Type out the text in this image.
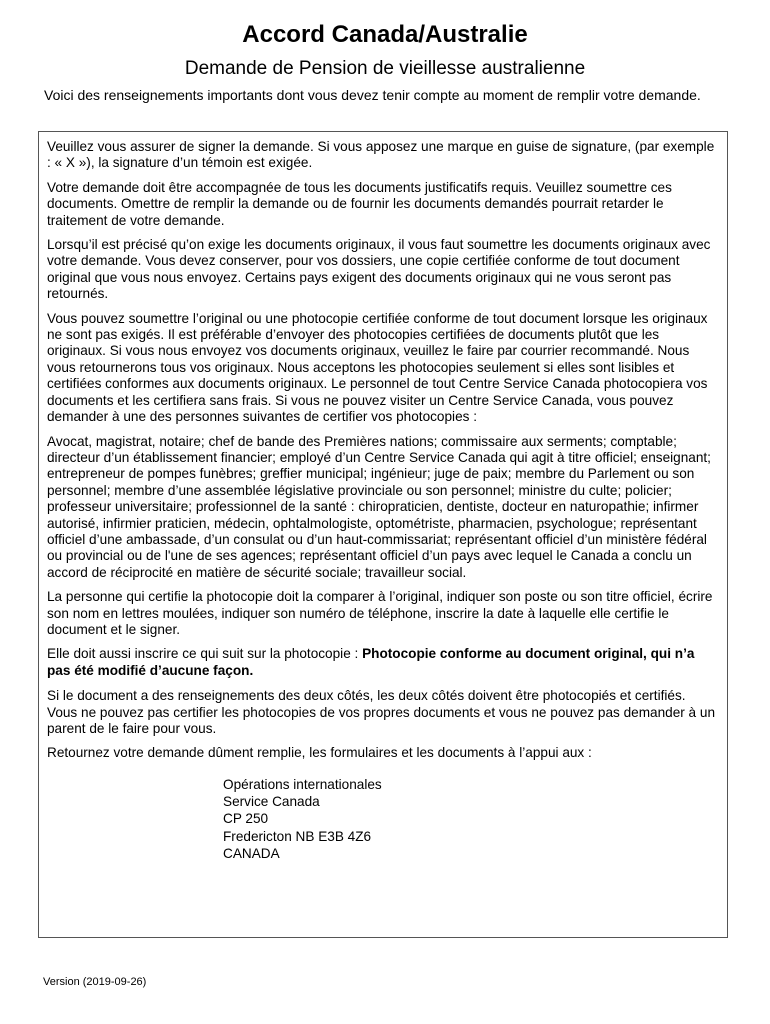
Accord Canada/Australie
Demande de Pension de vieillesse australienne
Voici des renseignements importants dont vous devez tenir compte au moment de remplir votre demande.

Veuillez vous assurer de signer la demande. Si vous apposez une marque en guise de signature, (par exemple : « X »), la signature d’un témoin est exigée.

Votre demande doit être accompagnée de tous les documents justificatifs requis. Veuillez soumettre ces documents. Omettre de remplir la demande ou de fournir les documents demandés pourrait retarder le traitement de votre demande.

Lorsqu’il est précisé qu’on exige les documents originaux, il vous faut soumettre les documents originaux avec votre demande. Vous devez conserver, pour vos dossiers, une copie certifiée conforme de tout document original que vous nous envoyez. Certains pays exigent des documents originaux qui ne vous seront pas retournés.

Vous pouvez soumettre l’original ou une photocopie certifiée conforme de tout document lorsque les originaux ne sont pas exigés. Il est préférable d’envoyer des photocopies certifiées de documents plutôt que les originaux. Si vous nous envoyez vos documents originaux, veuillez le faire par courrier recommandé. Nous vous retournerons tous vos originaux. Nous acceptons les photocopies seulement si elles sont lisibles et certifiées conformes aux documents originaux. Le personnel de tout Centre Service Canada photocopiera vos documents et les certifiera sans frais. Si vous ne pouvez visiter un Centre Service Canada, vous pouvez demander à une des personnes suivantes de certifier vos photocopies :

Avocat, magistrat, notaire; chef de bande des Premières nations; commissaire aux serments; comptable; directeur d’un établissement financier; employé d’un Centre Service Canada qui agit à titre officiel; enseignant; entrepreneur de pompes funèbres; greffier municipal; ingénieur; juge de paix; membre du Parlement ou son personnel; membre d’une assemblée législative provinciale ou son personnel; ministre du culte; policier; professeur universitaire; professionnel de la santé : chiropraticien, dentiste, docteur en naturopathie; infirmer autorisé, infirmier praticien, médecin, ophtalmologiste, optométriste, pharmacien, psychologue; représentant officiel d’une ambassade, d’un consulat ou d’un haut-commissariat; représentant officiel d’un ministère fédéral ou provincial ou de l'une de ses agences; représentant officiel d’un pays avec lequel le Canada a conclu un accord de réciprocité en matière de sécurité sociale; travailleur social.

La personne qui certifie la photocopie doit la comparer à l’original, indiquer son poste ou son titre officiel, écrire son nom en lettres moulées, indiquer son numéro de téléphone, inscrire la date à laquelle elle certifie le document et le signer.

Elle doit aussi inscrire ce qui suit sur la photocopie : Photocopie conforme au document original, qui n’a pas été modifié d’aucune façon.

Si le document a des renseignements des deux côtés, les deux côtés doivent être photocopiés et certifiés. Vous ne pouvez pas certifier les photocopies de vos propres documents et vous ne pouvez pas demander à un parent de le faire pour vous.

Retournez votre demande dûment remplie, les formulaires et les documents à l’appui aux :

Opérations internationales
Service Canada
CP 250
Fredericton NB E3B 4Z6
CANADA
Version (2019-09-26)
